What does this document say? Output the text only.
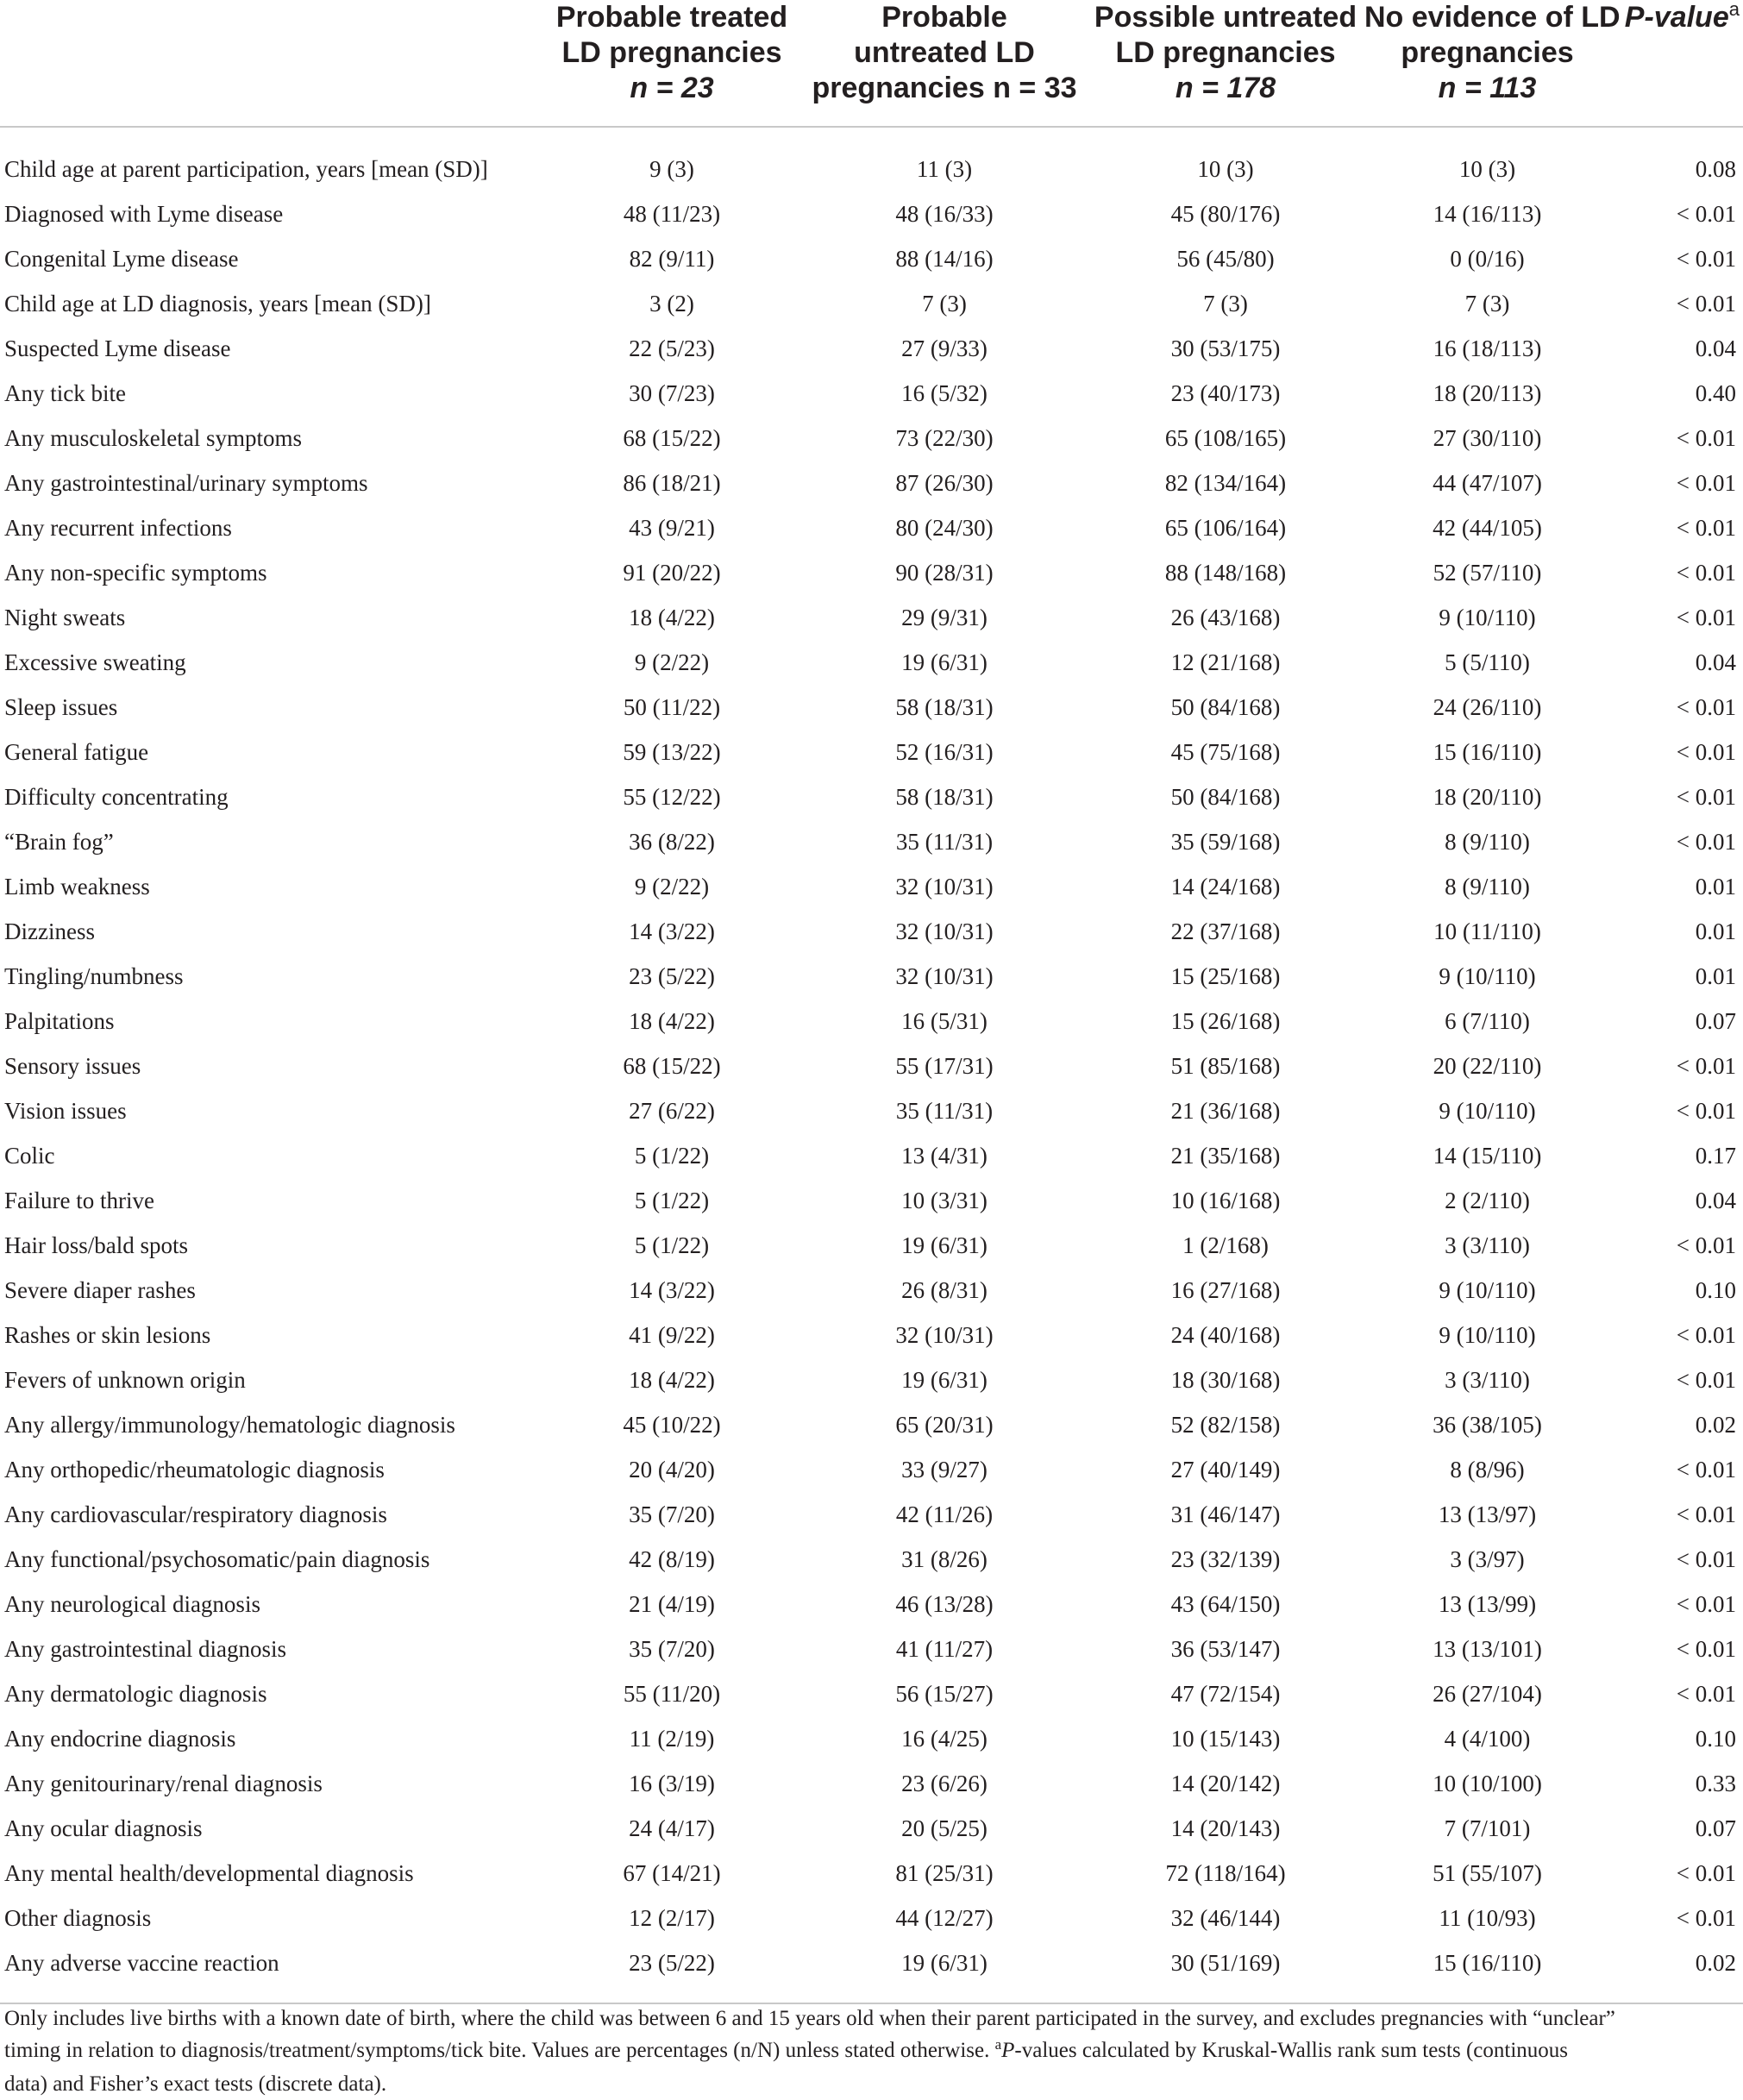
	Probable treated
LD pregnancies
n = 23	Probable
untreated LD
pregnancies n = 33	Possible untreated
LD pregnancies
n = 178	No evidence of LD
pregnancies
n = 113	P-value$^a$
Child age at parent participation, years [mean (SD)]	9 (3)	11 (3)	10 (3)	10 (3)	0.08
Diagnosed with Lyme disease	48 (11/23)	48 (16/33)	45 (80/176)	14 (16/113)	< 0.01
Congenital Lyme disease	82 (9/11)	88 (14/16)	56 (45/80)	0 (0/16)	< 0.01
Child age at LD diagnosis, years [mean (SD)]	3 (2)	7 (3)	7 (3)	7 (3)	< 0.01
Suspected Lyme disease	22 (5/23)	27 (9/33)	30 (53/175)	16 (18/113)	0.04
Any tick bite	30 (7/23)	16 (5/32)	23 (40/173)	18 (20/113)	0.40
Any musculoskeletal symptoms	68 (15/22)	73 (22/30)	65 (108/165)	27 (30/110)	< 0.01
Any gastrointestinal/urinary symptoms	86 (18/21)	87 (26/30)	82 (134/164)	44 (47/107)	< 0.01
Any recurrent infections	43 (9/21)	80 (24/30)	65 (106/164)	42 (44/105)	< 0.01
Any non-specific symptoms	91 (20/22)	90 (28/31)	88 (148/168)	52 (57/110)	< 0.01
Night sweats	18 (4/22)	29 (9/31)	26 (43/168)	9 (10/110)	< 0.01
Excessive sweating	9 (2/22)	19 (6/31)	12 (21/168)	5 (5/110)	0.04
Sleep issues	50 (11/22)	58 (18/31)	50 (84/168)	24 (26/110)	< 0.01
General fatigue	59 (13/22)	52 (16/31)	45 (75/168)	15 (16/110)	< 0.01
Difficulty concentrating	55 (12/22)	58 (18/31)	50 (84/168)	18 (20/110)	< 0.01
“Brain fog”	36 (8/22)	35 (11/31)	35 (59/168)	8 (9/110)	< 0.01
Limb weakness	9 (2/22)	32 (10/31)	14 (24/168)	8 (9/110)	0.01
Dizziness	14 (3/22)	32 (10/31)	22 (37/168)	10 (11/110)	0.01
Tingling/numbness	23 (5/22)	32 (10/31)	15 (25/168)	9 (10/110)	0.01
Palpitations	18 (4/22)	16 (5/31)	15 (26/168)	6 (7/110)	0.07
Sensory issues	68 (15/22)	55 (17/31)	51 (85/168)	20 (22/110)	< 0.01
Vision issues	27 (6/22)	35 (11/31)	21 (36/168)	9 (10/110)	< 0.01
Colic	5 (1/22)	13 (4/31)	21 (35/168)	14 (15/110)	0.17
Failure to thrive	5 (1/22)	10 (3/31)	10 (16/168)	2 (2/110)	0.04
Hair loss/bald spots	5 (1/22)	19 (6/31)	1 (2/168)	3 (3/110)	< 0.01
Severe diaper rashes	14 (3/22)	26 (8/31)	16 (27/168)	9 (10/110)	0.10
Rashes or skin lesions	41 (9/22)	32 (10/31)	24 (40/168)	9 (10/110)	< 0.01
Fevers of unknown origin	18 (4/22)	19 (6/31)	18 (30/168)	3 (3/110)	< 0.01
Any allergy/immunology/hematologic diagnosis	45 (10/22)	65 (20/31)	52 (82/158)	36 (38/105)	0.02
Any orthopedic/rheumatologic diagnosis	20 (4/20)	33 (9/27)	27 (40/149)	8 (8/96)	< 0.01
Any cardiovascular/respiratory diagnosis	35 (7/20)	42 (11/26)	31 (46/147)	13 (13/97)	< 0.01
Any functional/psychosomatic/pain diagnosis	42 (8/19)	31 (8/26)	23 (32/139)	3 (3/97)	< 0.01
Any neurological diagnosis	21 (4/19)	46 (13/28)	43 (64/150)	13 (13/99)	< 0.01
Any gastrointestinal diagnosis	35 (7/20)	41 (11/27)	36 (53/147)	13 (13/101)	< 0.01
Any dermatologic diagnosis	55 (11/20)	56 (15/27)	47 (72/154)	26 (27/104)	< 0.01
Any endocrine diagnosis	11 (2/19)	16 (4/25)	10 (15/143)	4 (4/100)	0.10
Any genitourinary/renal diagnosis	16 (3/19)	23 (6/26)	14 (20/142)	10 (10/100)	0.33
Any ocular diagnosis	24 (4/17)	20 (5/25)	14 (20/143)	7 (7/101)	0.07
Any mental health/developmental diagnosis	67 (14/21)	81 (25/31)	72 (118/164)	51 (55/107)	< 0.01
Other diagnosis	12 (2/17)	44 (12/27)	32 (46/144)	11 (10/93)	< 0.01
Any adverse vaccine reaction	23 (5/22)	19 (6/31)	30 (51/169)	15 (16/110)	0.02
Only includes live births with a known date of birth, where the child was between 6 and 15 years old when their parent participated in the survey, and excludes pregnancies with “unclear”
timing in relation to diagnosis/treatment/symptoms/tick bite. Values are percentages (n/N) unless stated otherwise. $^a$P-values calculated by Kruskal-Wallis rank sum tests (continuous
data) and Fisher’s exact tests (discrete data).
